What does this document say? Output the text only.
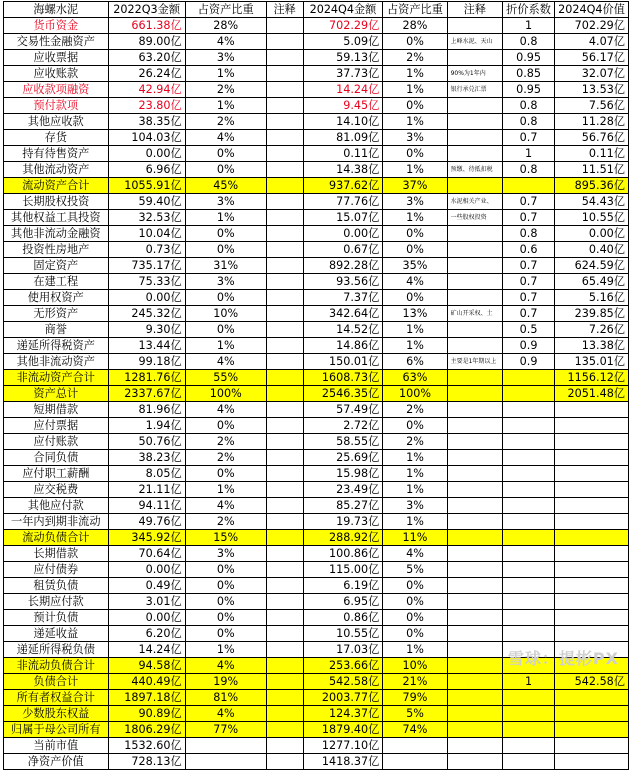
海螺水泥	2022Q3金额	占资产比重	注释	2024Q4金额	占资产比重	注释	折价系数	2024Q4价值
货币资金	661.38亿	28%		702.29亿	28%		1	702.29亿
交易性金融资产	89.00亿	4%		5.09亿	0%	上峰水泥、天山	0.8	4.07亿
应收票据	63.20亿	3%		59.13亿	2%		0.95	56.17亿
应收账款	26.24亿	1%		37.73亿	1%	90%为1年内	0.85	32.07亿
应收款项融资	42.94亿	2%		14.24亿	1%	银行承兑汇票	0.95	13.53亿
预付款项	23.80亿	1%		9.45亿	0%		0.8	7.56亿
其他应收款	38.35亿	2%		14.10亿	1%		0.8	11.28亿
存货	104.03亿	4%		81.09亿	3%		0.7	56.76亿
持有待售资产	0.00亿	0%		0.11亿	0%		1	0.11亿
其他流动资产	6.96亿	0%		14.38亿	1%	预缴、待抵扣税	0.8	11.51亿
流动资产合计	1055.91亿	45%		937.62亿	37%			895.36亿
长期股权投资	59.40亿	3%		77.76亿	3%	水泥相关产业、	0.7	54.43亿
其他权益工具投资	32.53亿	1%		15.07亿	1%	一些股权投资	0.7	10.55亿
其他非流动金融资	10.04亿	0%		0.00亿	0%		0.8	0.00亿
投资性房地产	0.73亿	0%		0.67亿	0%		0.6	0.40亿
固定资产	735.17亿	31%		892.28亿	35%		0.7	624.59亿
在建工程	75.33亿	3%		93.56亿	4%		0.7	65.49亿
使用权资产	0.00亿	0%		7.37亿	0%		0.7	5.16亿
无形资产	245.32亿	10%		342.64亿	13%	矿山开采权、土	0.7	239.85亿
商誉	9.30亿	0%		14.52亿	1%		0.5	7.26亿
递延所得税资产	13.44亿	1%		14.86亿	1%		0.9	13.38亿
其他非流动资产	99.18亿	4%		150.01亿	6%	主要是1年期以上	0.9	135.01亿
非流动资产合计	1281.76亿	55%		1608.73亿	63%			1156.12亿
资产总计	2337.67亿	100%		2546.35亿	100%			2051.48亿
短期借款	81.96亿	4%		57.49亿	2%			
应付票据	1.94亿	0%		2.72亿	0%			
应付账款	50.76亿	2%		58.55亿	2%			
合同负债	38.23亿	2%		25.69亿	1%			
应付职工薪酬	8.05亿	0%		15.98亿	1%			
应交税费	21.11亿	1%		23.49亿	1%			
其他应付款	94.11亿	4%		85.27亿	3%			
一年内到期非流动	49.76亿	2%		19.73亿	1%			
流动负债合计	345.92亿	15%		288.92亿	11%			
长期借款	70.64亿	3%		100.86亿	4%			
应付债券	0.00亿	0%		115.00亿	5%			
租赁负债	0.49亿	0%		6.19亿	0%			
长期应付款	3.01亿	0%		6.95亿	0%			
预计负债	0.00亿	0%		0.86亿	0%			
递延收益	6.20亿	0%		10.55亿	0%			
递延所得税负债	14.24亿	1%		17.03亿	1%			
非流动负债合计	94.58亿	4%		253.66亿	10%			
负债合计	440.49亿	19%		542.58亿	21%		1	542.58亿
所有者权益合计	1897.18亿	81%		2003.77亿	79%			
少数股东权益	90.89亿	4%		124.37亿	5%			
归属于母公司所有	1806.29亿	77%		1879.40亿	74%			
当前市值	1532.60亿			1277.10亿				
净资产价值	728.13亿			1418.37亿				
雪球：提彬PX
